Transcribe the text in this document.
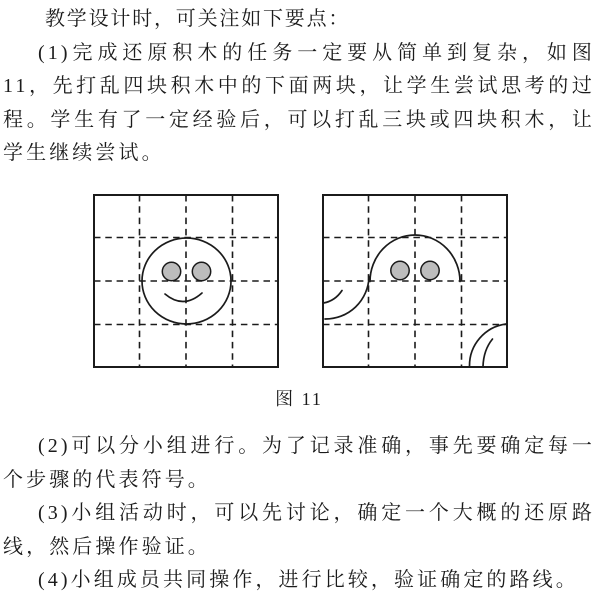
教学设计时，可关注如下要点：
(1)完成还原积木的任务一定要从简单到复杂，如图
11，先打乱四块积木中的下面两块，让学生尝试思考的过
程。学生有了一定经验后，可以打乱三块或四块积木，让
学生继续尝试。
图 11
(2)可以分小组进行。为了记录准确，事先要确定每一
个步骤的代表符号。
(3)小组活动时，可以先讨论，确定一个大概的还原路
线，然后操作验证。
(4)小组成员共同操作，进行比较，验证确定的路线。
